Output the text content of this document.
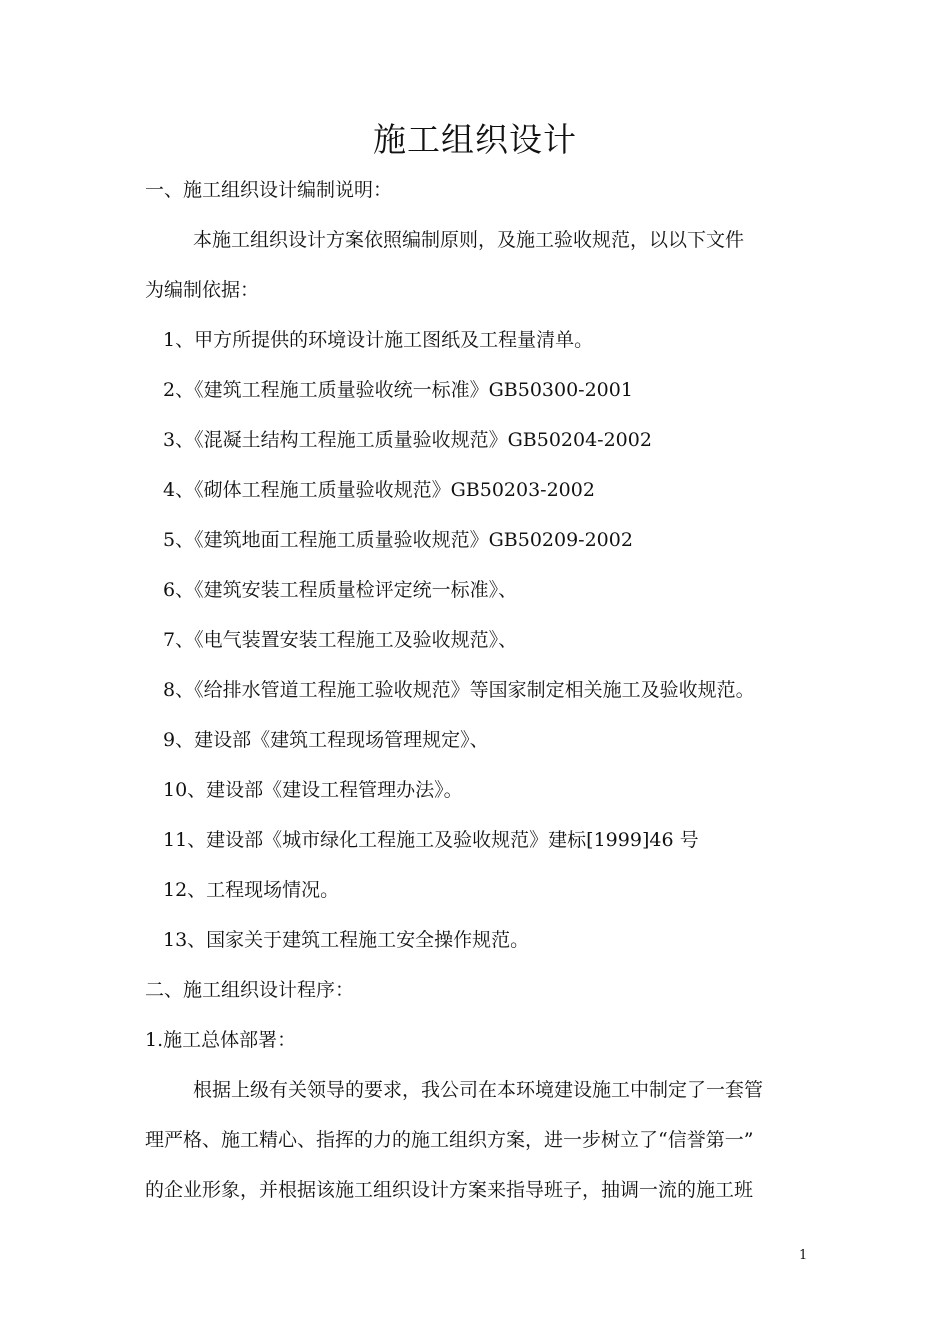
施工组织设计
一、施工组织设计编制说明：
本施工组织设计方案依照编制原则，及施工验收规范，以以下文件
为编制依据：
1、甲方所提供的环境设计施工图纸及工程量清单。
2、《建筑工程施工质量验收统一标准》GB50300-2001
3、《混凝土结构工程施工质量验收规范》GB50204-2002
4、《砌体工程施工质量验收规范》GB50203-2002
5、《建筑地面工程施工质量验收规范》GB50209-2002
6、《建筑安装工程质量检评定统一标准》、
7、《电气装置安装工程施工及验收规范》、
8、《给排水管道工程施工验收规范》等国家制定相关施工及验收规范。
9、建设部《建筑工程现场管理规定》、
10、建设部《建设工程管理办法》。
11、建设部《城市绿化工程施工及验收规范》建标[1999]46 号
12、工程现场情况。
13、国家关于建筑工程施工安全操作规范。
二、施工组织设计程序：
1.施工总体部署：
根据上级有关领导的要求，我公司在本环境建设施工中制定了一套管
理严格、施工精心、指挥的力的施工组织方案，进一步树立了“信誉第一”
的企业形象，并根据该施工组织设计方案来指导班子，抽调一流的施工班
1
